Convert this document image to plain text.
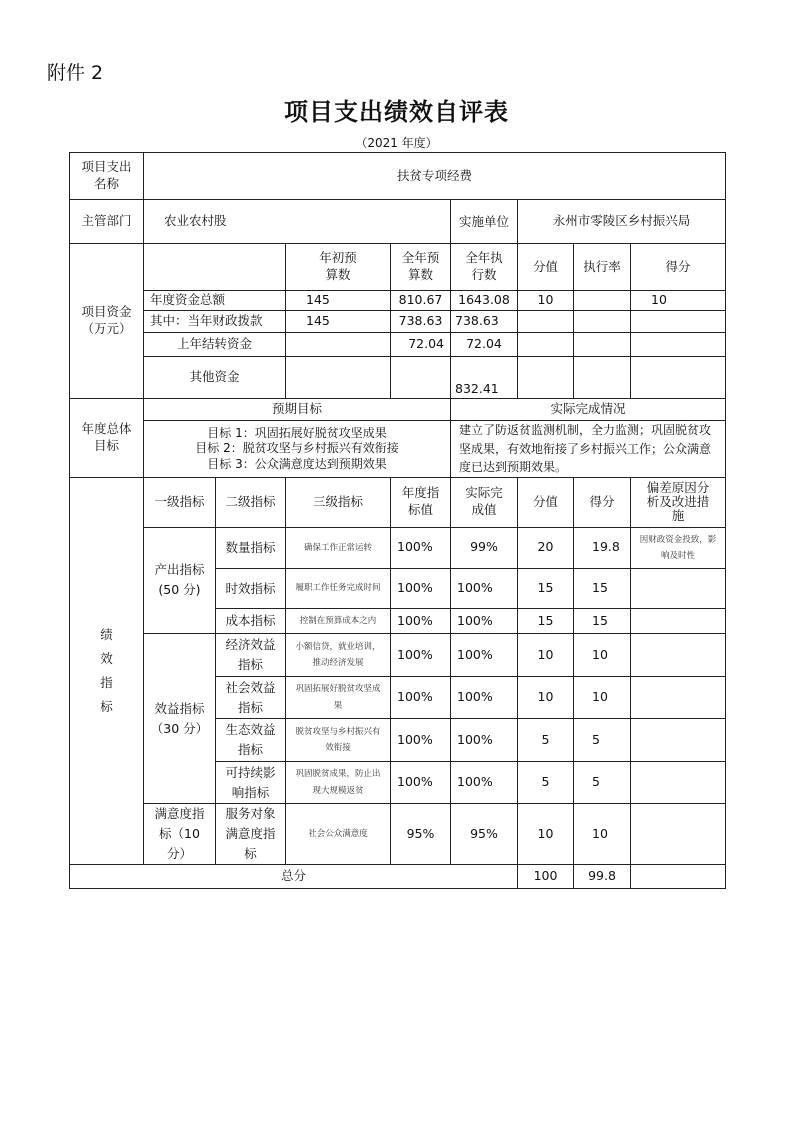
附件 2
项目支出绩效自评表
（2021 年度）
项目支出名称	扶贫专项经费							
主管部门	农业农村股				实施单位	永州市零陵区乡村振兴局		
项目资金（万元）			年初预算数	全年预算数	全年执行数	分值	执行率	得分
	年度资金总额		145	810.67	1643.08	10		10
	其中：当年财政拨款		145	738.63	738.63			
	上年结转资金			72.04	72.04			
	其他资金				832.41			
年度总体目标	预期目标				实际完成情况			

	目标 1：巩固拓展好脱贫攻坚成果
目标 2：脱贫攻坚与乡村振兴有效衔接
目标 3：公众满意度达到预期效果				建立了防返贫监测机制，全力监测；巩固脱贫攻坚成果，有效地衔接了乡村振兴工作；公众满意度已达到预期效果。			
绩效指标	一级指标	二级指标	三级指标	年度指标值	实际完成值	分值	得分	偏差原因分析及改进措施
	产出指标(50 分)	数量指标	确保工作正常运转	100%	99%	20	19.8	因财政资金投致，影响及时性
		时效指标	履职工作任务完成时间	100%	100%	15	15	
		成本指标	控制在预算成本之内	100%	100%	15	15	
	效益指标（30 分）	经济效益指标	小额信贷，就业培训，推动经济发展	100%	100%	10	10	
		社会效益指标	巩固拓展好脱贫攻坚成果	100%	100%	10	10	
		生态效益指标	脱贫攻坚与乡村振兴有效衔接	100%	100%	5	5	
		可持续影响指标	巩固脱贫成果，防止出现大规模返贫	100%	100%	5	5	
	满意度指标（10 分）	服务对象满意度指标	社会公众满意度	95%	95%	10	10	
总分						100	99.8	
